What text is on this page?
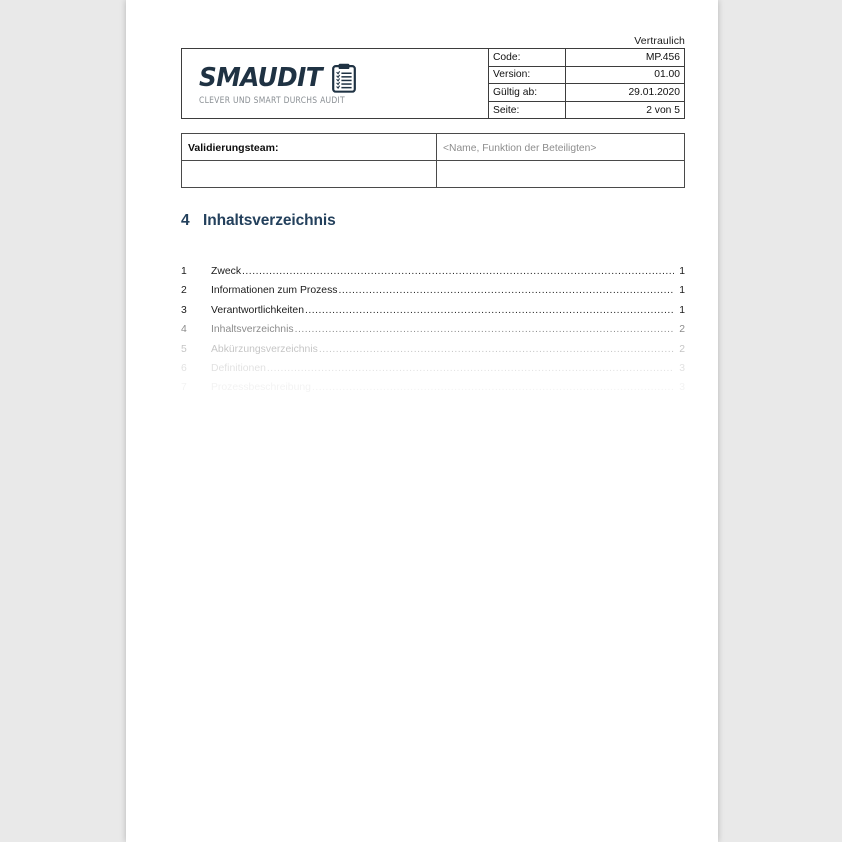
Vertraulich
SMAUDIT
CLEVER UND SMART DURCHS AUDIT	Code:	MP.456
	Version:	01.00
	Gültig ab:	29.01.2020
	Seite:	2 von 5
Validierungsteam:	<Name, Funktion der Beteiligten>

4 Inhaltsverzeichnis
1	Zweck .....	1
2	Informationen zum Prozess .....	1
3	Verantwortlichkeiten .....	1
4	Inhaltsverzeichnis .....	2
5	Abkürzungsverzeichnis .....	2
6	Definitionen .....	3
7	Prozessbeschreibung .....	3
